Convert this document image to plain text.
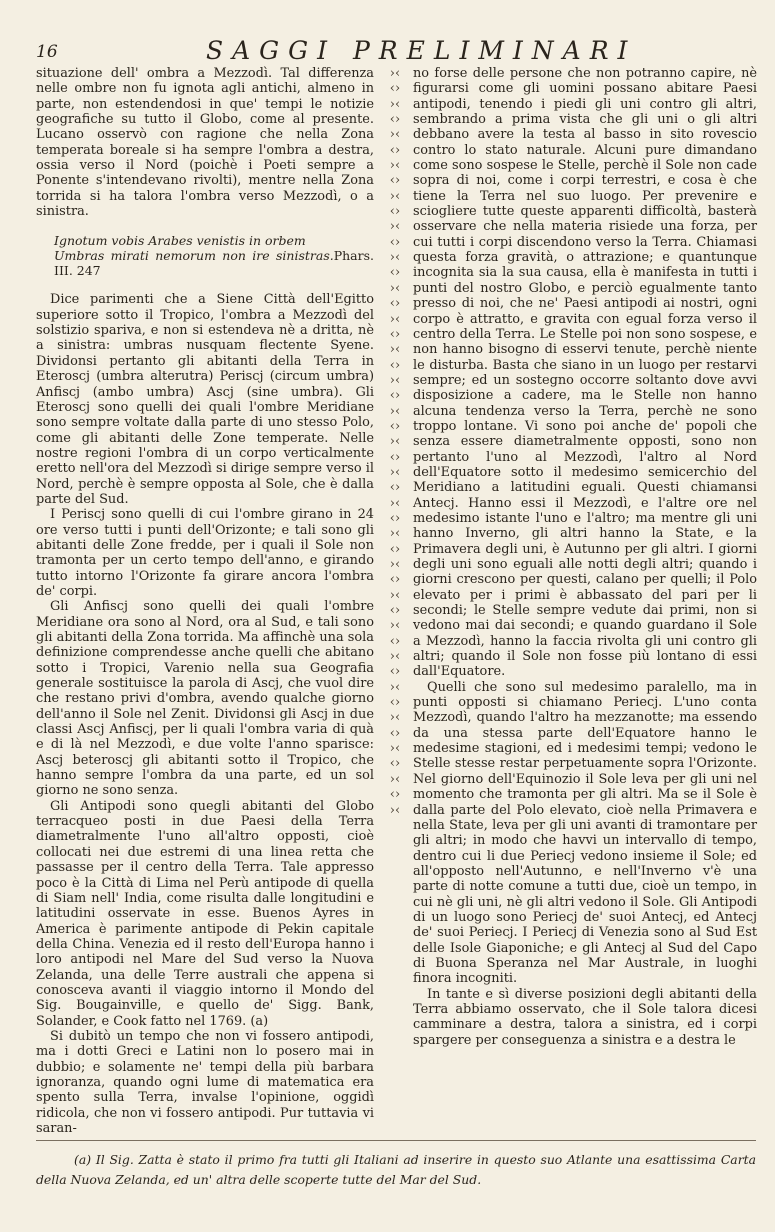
16	SAGGI PRELIMINARI

situazione dell' ombra a Mezzodì. Tal differenza nelle ombre non fu ignota agli antichi, almeno in parte, non estendendosi in que' tempi le notizie geografiche su tutto il Globo, come al presente. Lucano osservò con ragione che nella Zona temperata boreale si ha sempre l'ombra a destra, ossia verso il Nord (poichè i Poeti sempre a Ponente s'intendevano rivolti), mentre nella Zona torrida si ha talora l'ombra verso Mezzodì, o a sinistra.

Ignotum vobis Arabes venistis in orbem
Umbras mirati nemorum non ire sinistras.Phars. III. 247

Dice parimenti che a Siene Città dell'Egitto superiore sotto il Tropico, l'ombra a Mezzodì del solstizio spariva, e non si estendeva nè a dritta, nè a sinistra: umbras nusquam flectente Syene. Dividonsi pertanto gli abitanti della Terra in Eteroscj (umbra alterutra) Periscj (circum umbra) Anfiscj (ambo umbra) Ascj (sine umbra). Gli Eteroscj sono quelli dei quali l'ombre Meridiane sono sempre voltate dalla parte di uno stesso Polo, come gli abitanti delle Zone temperate. Nelle nostre regioni l'ombra di un corpo verticalmente eretto nell'ora del Mezzodì si dirige sempre verso il Nord, perchè è sempre opposta al Sole, che è dalla parte del Sud.

I Periscj sono quelli di cui l'ombre girano in 24 ore verso tutti i punti dell'Orizonte; e tali sono gli abitanti delle Zone fredde, per i quali il Sole non tramonta per un certo tempo dell'anno, e girando tutto intorno l'Orizonte fa girare ancora l'ombra de' corpi.

Gli Anfiscj sono quelli dei quali l'ombre Meridiane ora sono al Nord, ora al Sud, e tali sono gli abitanti della Zona torrida. Ma affinchè una sola definizione comprendesse anche quelli che abitano sotto i Tropici, Varenio nella sua Geografia generale sostituisce la parola di Ascj, che vuol dire che restano privi d'ombra, avendo qualche giorno dell'anno il Sole nel Zenit. Dividonsi gli Ascj in due classi Ascj Anfiscj, per li quali l'ombra varia di quà e di là nel Mezzodì, e due volte l'anno sparisce: Ascj beteroscj gli abitanti sotto il Tropico, che hanno sempre l'ombra da una parte, ed un sol giorno ne sono senza.

Gli Antipodi sono quegli abitanti del Globo terracqueo posti in due Paesi della Terra diametralmente l'uno all'altro opposti, cioè collocati nei due estremi di una linea retta che passasse per il centro della Terra. Tale appresso poco è la Città di Lima nel Perù antipode di quella di Siam nell' India, come risulta dalle longitudini e latitudini osservate in esse. Buenos Ayres in America è parimente antipode di Pekin capitale della China. Venezia ed il resto dell'Europa hanno i loro antipodi nel Mare del Sud verso la Nuova Zelanda, una delle Terre australi che appena si conosceva avanti il viaggio intorno il Mondo del Sig. Bougainville, e quello de' Sigg. Bank, Solander, e Cook fatto nel 1769. (a)

Si dubitò un tempo che non vi fossero antipodi, ma i dotti Greci e Latini non lo posero mai in dubbio; e solamente ne' tempi della più barbara ignoranza, quando ogni lume di matematica era spento sulla Terra, invalse l'opinione, oggidì ridicola, che non vi fossero antipodi. Pur tuttavia vi saran-

›‹
‹›
›‹
‹›
›‹
‹›
›‹
‹›
›‹
‹›
›‹
‹›
›‹
‹›
›‹
‹›
›‹
‹›
›‹
‹›
›‹
‹›
›‹
‹›
›‹
‹›
›‹
‹›
›‹
‹›
›‹
‹›
›‹
‹›
›‹
‹›
›‹
‹›
›‹
‹›
›‹
‹›
›‹
‹›
›‹
‹›
›‹
‹›
›‹

no forse delle persone che non potranno capire, nè figurarsi come gli uomini possano abitare Paesi antipodi, tenendo i piedi gli uni contro gli altri, sembrando a prima vista che gli uni o gli altri debbano avere la testa al basso in sito rovescio contro lo stato naturale. Alcuni pure dimandano come sono sospese le Stelle, perchè il Sole non cade sopra di noi, come i corpi terrestri, e cosa è che tiene la Terra nel suo luogo. Per prevenire e sciogliere tutte queste apparenti difficoltà, basterà osservare che nella materia risiede una forza, per cui tutti i corpi discendono verso la Terra. Chiamasi questa forza gravità, o attrazione; e quantunque incognita sia la sua causa, ella è manifesta in tutti i punti del nostro Globo, e perciò egualmente tanto presso di noi, che ne' Paesi antipodi ai nostri, ogni corpo è attratto, e gravita con egual forza verso il centro della Terra. Le Stelle poi non sono sospese, e non hanno bisogno di esservi tenute, perchè niente le disturba. Basta che siano in un luogo per restarvi sempre; ed un sostegno occorre soltanto dove avvi disposizione a cadere, ma le Stelle non hanno alcuna tendenza verso la Terra, perchè ne sono troppo lontane. Vi sono poi anche de' popoli che senza essere diametralmente opposti, sono non pertanto l'uno al Mezzodì, l'altro al Nord dell'Equatore sotto il medesimo semicerchio del Meridiano a latitudini eguali. Questi chiamansi Antecj. Hanno essi il Mezzodì, e l'altre ore nel medesimo istante l'uno e l'altro; ma mentre gli uni hanno Inverno, gli altri hanno la State, e la Primavera degli uni, è Autunno per gli altri. I giorni degli uni sono eguali alle notti degli altri; quando i giorni crescono per questi, calano per quelli; il Polo elevato per i primi è abbassato del pari per li secondi; le Stelle sempre vedute dai primi, non si vedono mai dai secondi; e quando guardano il Sole a Mezzodì, hanno la faccia rivolta gli uni contro gli altri; quando il Sole non fosse più lontano di essi dall'Equatore.

Quelli che sono sul medesimo paralello, ma in punti opposti si chiamano Periecj. L'uno conta Mezzodì, quando l'altro ha mezzanotte; ma essendo da una stessa parte dell'Equatore hanno le medesime stagioni, ed i medesimi tempi; vedono le Stelle stesse restar perpetuamente sopra l'Orizonte. Nel giorno dell'Equinozio il Sole leva per gli uni nel momento che tramonta per gli altri. Ma se il Sole è dalla parte del Polo elevato, cioè nella Primavera e nella State, leva per gli uni avanti di tramontare per gli altri; in modo che havvi un intervallo di tempo, dentro cui li due Periecj vedono insieme il Sole; ed all'opposto nell'Autunno, e nell'Inverno v'è una parte di notte comune a tutti due, cioè un tempo, in cui nè gli uni, nè gli altri vedono il Sole. Gli Antipodi di un luogo sono Periecj de' suoi Antecj, ed Antecj de' suoi Periecj. I Periecj di Venezia sono al Sud Est delle Isole Giaponiche; e gli Antecj al Sud del Capo di Buona Speranza nel Mar Australe, in luoghi finora incogniti.

In tante e sì diverse posizioni degli abitanti della Terra abbiamo osservato, che il Sole talora dicesi camminare a destra, talora a sinistra, ed i corpi spargere per conseguenza a sinistra e a destra le

(a) Il Sig. Zatta è stato il primo fra tutti gli Italiani ad inserire in questo suo Atlante una esattissima Carta della Nuova Zelanda, ed un' altra delle scoperte tutte del Mar del Sud.
